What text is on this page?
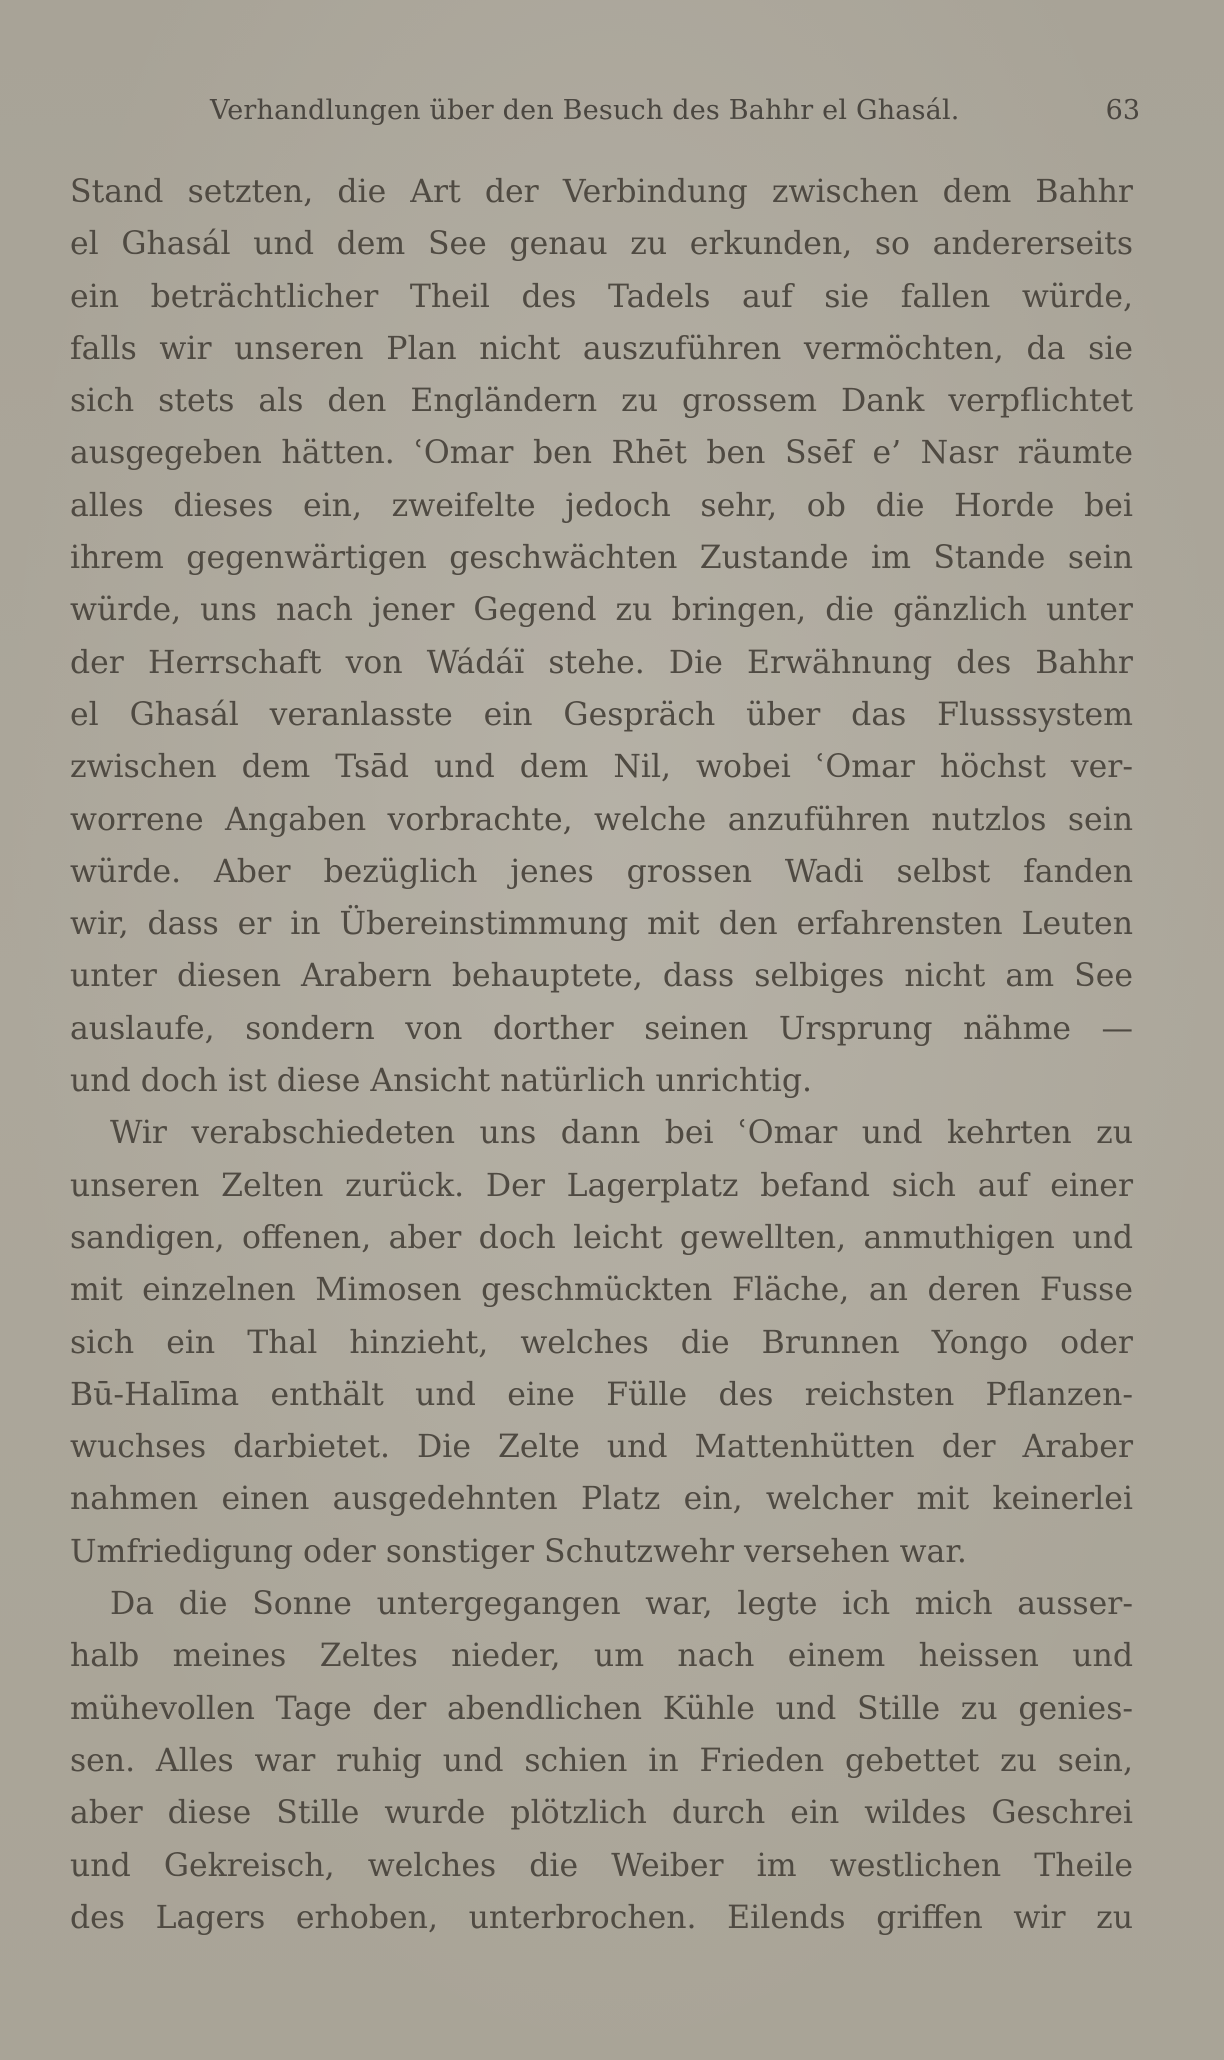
Verhandlungen über den Besuch des Bahhr el Ghasál.	63
Stand setzten, die Art der Verbindung zwischen dem Bahhr
el Ghasál und dem See genau zu erkunden, so andererseits
ein beträchtlicher Theil des Tadels auf sie fallen würde,
falls wir unseren Plan nicht auszuführen vermöchten, da sie
sich stets als den Engländern zu grossem Dank verpflichtet
ausgegeben hätten. ʿOmar ben Rhēt ben Ssēf e’ Nasr räumte
alles dieses ein, zweifelte jedoch sehr, ob die Horde bei
ihrem gegenwärtigen geschwächten Zustande im Stande sein
würde, uns nach jener Gegend zu bringen, die gänzlich unter
der Herrschaft von Wádáï stehe. Die Erwähnung des Bahhr
el Ghasál veranlasste ein Gespräch über das Flusssystem
zwischen dem Tsād und dem Nil, wobei ʿOmar höchst ver-
worrene Angaben vorbrachte, welche anzuführen nutzlos sein
würde. Aber bezüglich jenes grossen Wadi selbst fanden
wir, dass er in Übereinstimmung mit den erfahrensten Leuten
unter diesen Arabern behauptete, dass selbiges nicht am See
auslaufe, sondern von dorther seinen Ursprung nähme —
und doch ist diese Ansicht natürlich unrichtig.
Wir verabschiedeten uns dann bei ʿOmar und kehrten zu
unseren Zelten zurück. Der Lagerplatz befand sich auf einer
sandigen, offenen, aber doch leicht gewellten, anmuthigen und
mit einzelnen Mimosen geschmückten Fläche, an deren Fusse
sich ein Thal hinzieht, welches die Brunnen Yongo oder
Bū-Halīma enthält und eine Fülle des reichsten Pflanzen-
wuchses darbietet. Die Zelte und Mattenhütten der Araber
nahmen einen ausgedehnten Platz ein, welcher mit keinerlei
Umfriedigung oder sonstiger Schutzwehr versehen war.
Da die Sonne untergegangen war, legte ich mich ausser-
halb meines Zeltes nieder, um nach einem heissen und
mühevollen Tage der abendlichen Kühle und Stille zu genies-
sen. Alles war ruhig und schien in Frieden gebettet zu sein,
aber diese Stille wurde plötzlich durch ein wildes Geschrei
und Gekreisch, welches die Weiber im westlichen Theile
des Lagers erhoben, unterbrochen. Eilends griffen wir zu
